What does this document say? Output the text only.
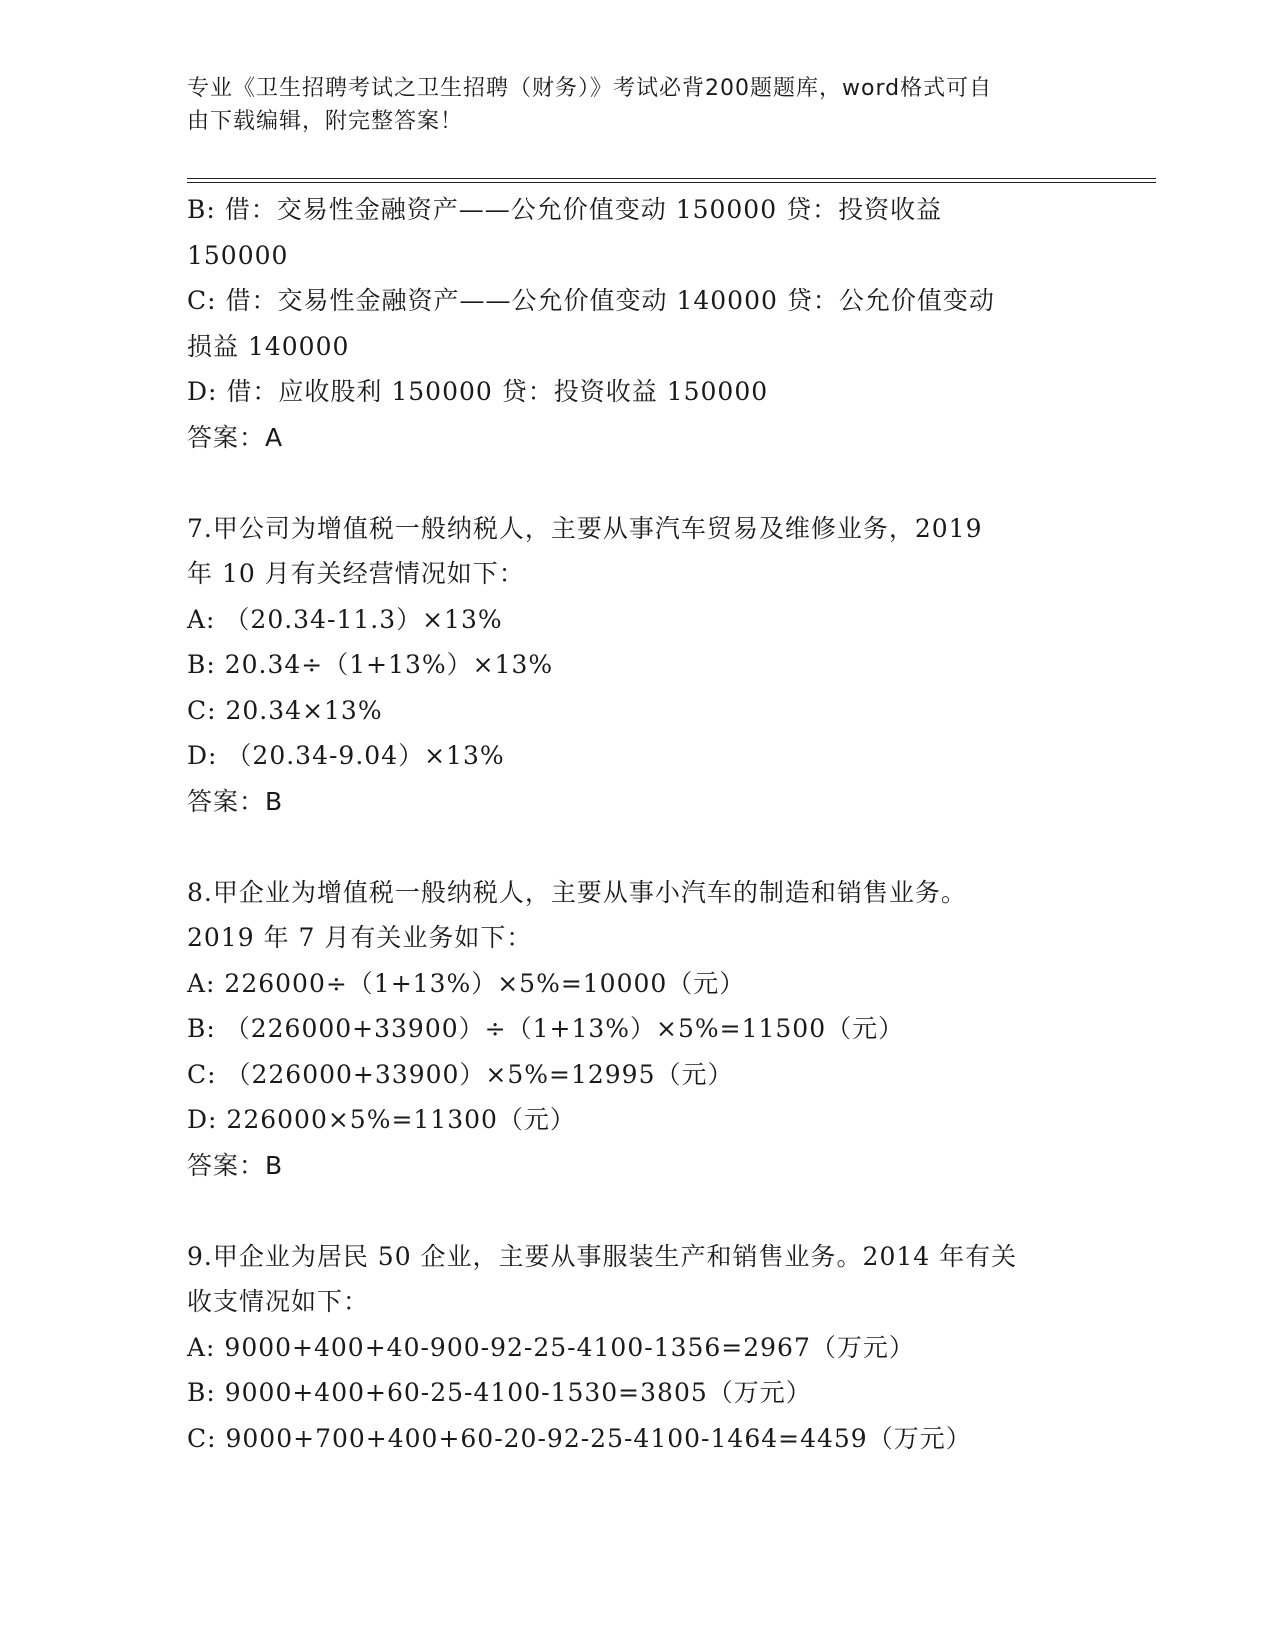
专业《卫生招聘考试之卫生招聘（财务）》考试必背200题题库，word格式可自
由下载编辑，附完整答案！
B: 借：交易性金融资产——公允价值变动 150000 贷：投资收益
150000
C: 借：交易性金融资产——公允价值变动 140000 贷：公允价值变动
损益 140000
D: 借：应收股利 150000 贷：投资收益 150000
答案：A
7.甲公司为增值税一般纳税人，主要从事汽车贸易及维修业务，2019
年 10 月有关经营情况如下：
A: （20.34-11.3）×13%
B: 20.34÷（1+13%）×13%
C: 20.34×13%
D: （20.34-9.04）×13%
答案：B
8.甲企业为增值税一般纳税人，主要从事小汽车的制造和销售业务。
2019 年 7 月有关业务如下：
A: 226000÷（1+13%）×5%=10000（元）
B: （226000+33900）÷（1+13%）×5%=11500（元）
C: （226000+33900）×5%=12995（元）
D: 226000×5%=11300（元）
答案：B
9.甲企业为居民 50 企业，主要从事服装生产和销售业务。2014 年有关
收支情况如下：
A: 9000+400+40-900-92-25-4100-1356=2967（万元）
B: 9000+400+60-25-4100-1530=3805（万元）
C: 9000+700+400+60-20-92-25-4100-1464=4459（万元）
